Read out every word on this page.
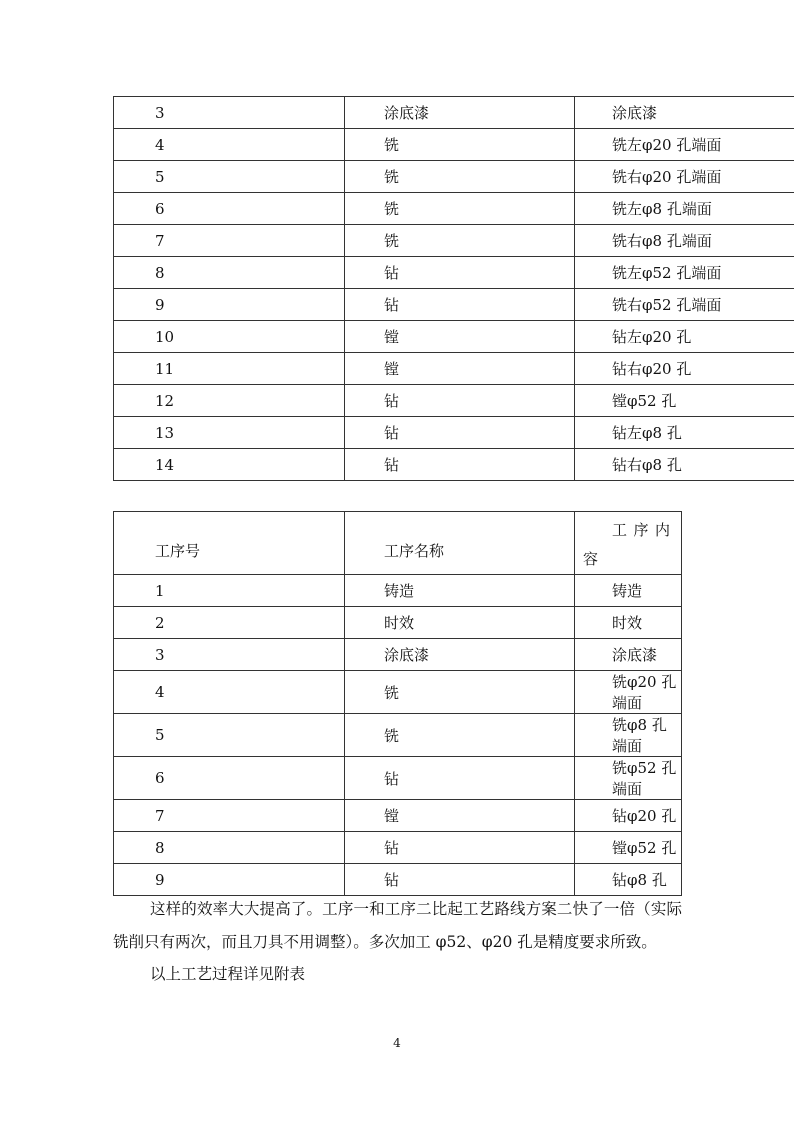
3	涂底漆	涂底漆
4	铣	铣左φ20 孔端面
5	铣	铣右φ20 孔端面
6	铣	铣左φ8 孔端面
7	铣	铣右φ8 孔端面
8	钻	铣左φ52 孔端面
9	钻	铣右φ52 孔端面
10	镗	钻左φ20 孔
11	镗	钻右φ20 孔
12	钻	镗φ52 孔
13	钻	钻左φ8 孔
14	钻	钻右φ8 孔
工序号	工序名称	工 序 内
容

1	铸造	铸造
2	时效	时效
3	涂底漆	涂底漆
4	铣	铣φ20 孔端面
5	铣	铣φ8 孔端面
6	钻	铣φ52 孔端面
7	镗	钻φ20 孔
8	钻	镗φ52 孔
9	钻	钻φ8 孔
这样的效率大大提高了。工序一和工序二比起工艺路线方案二快了一倍（实际铣削只有两次，而且刀具不用调整）。多次加工 φ52、φ20 孔是精度要求所致。
以上工艺过程详见附表
4
